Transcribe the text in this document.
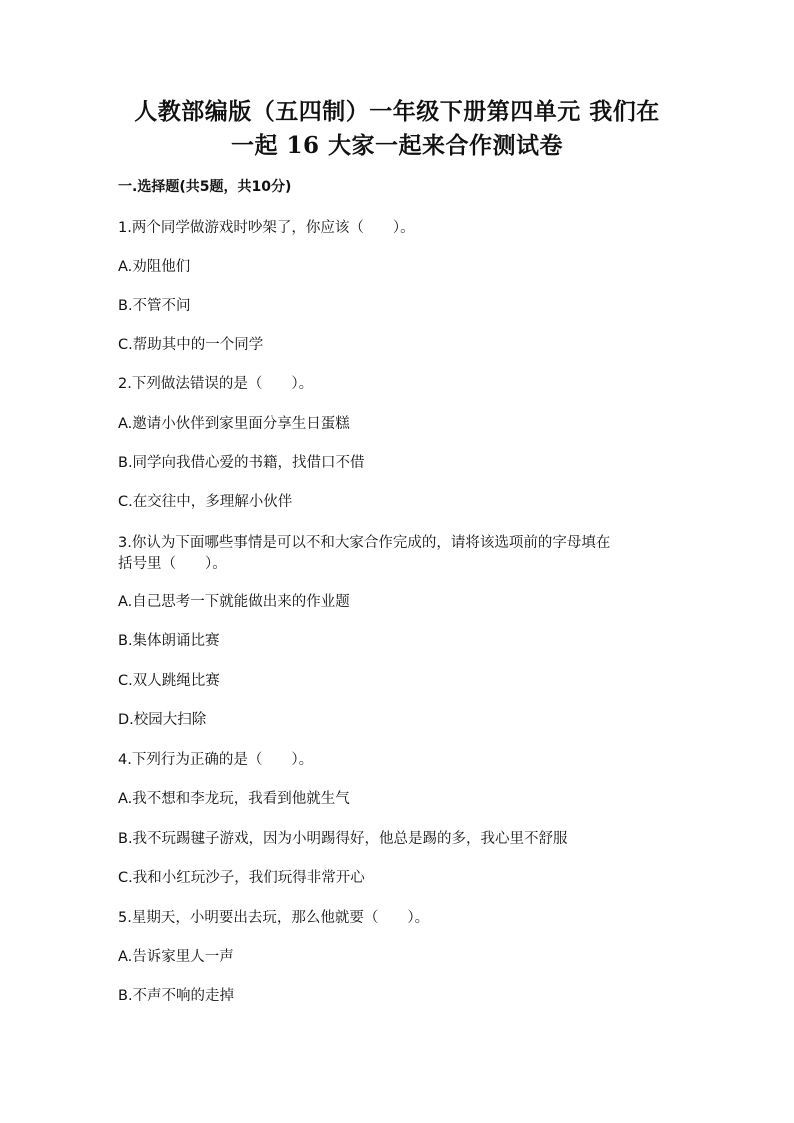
人教部编版（五四制）一年级下册第四单元 我们在
一起 16 大家一起来合作测试卷
一.选择题(共5题，共10分)
1.两个同学做游戏时吵架了，你应该（　　）。
A.劝阻他们
B.不管不问
C.帮助其中的一个同学
2.下列做法错误的是（　　）。
A.邀请小伙伴到家里面分享生日蛋糕
B.同学向我借心爱的书籍，找借口不借
C.在交往中，多理解小伙伴
3.你认为下面哪些事情是可以不和大家合作完成的，请将该选项前的字母填在
括号里（　　）。
A.自己思考一下就能做出来的作业题
B.集体朗诵比赛
C.双人跳绳比赛
D.校园大扫除
4.下列行为正确的是（　　）。
A.我不想和李龙玩，我看到他就生气
B.我不玩踢毽子游戏，因为小明踢得好，他总是踢的多，我心里不舒服
C.我和小红玩沙子，我们玩得非常开心
5.星期天，小明要出去玩，那么他就要（　　）。
A.告诉家里人一声
B.不声不响的走掉
